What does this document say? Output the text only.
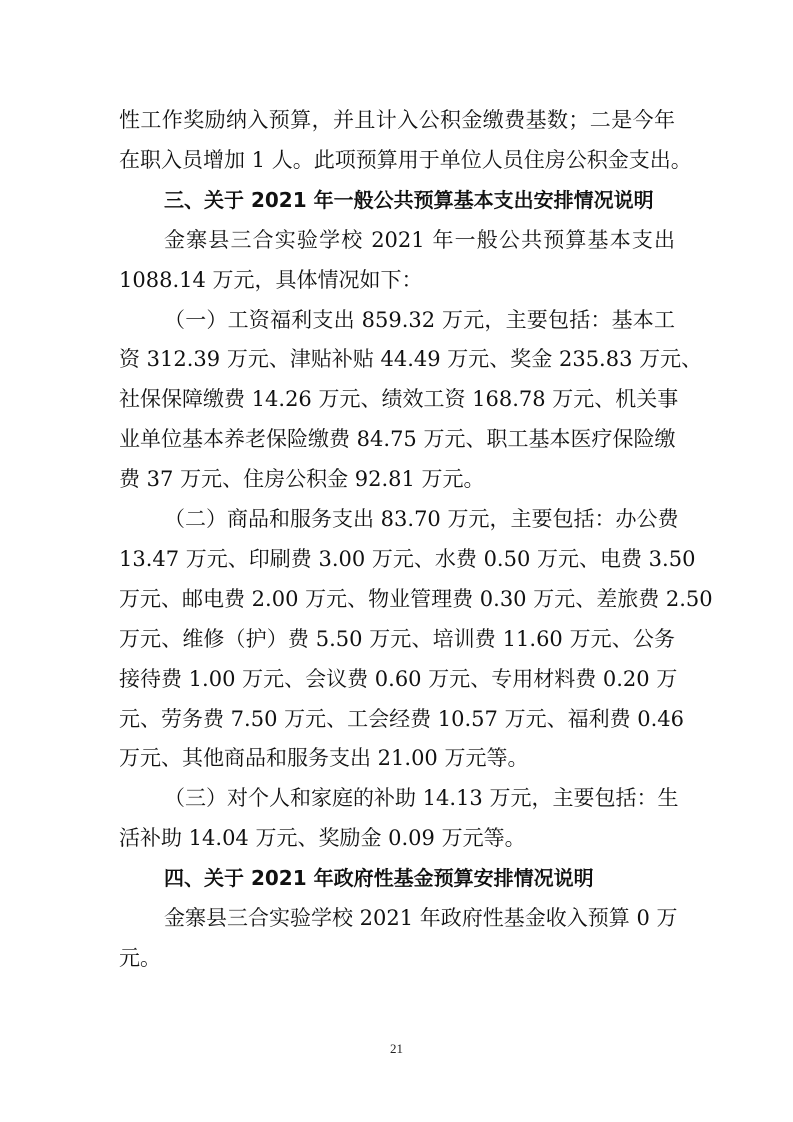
性工作奖励纳入预算，并且计入公积金缴费基数；二是今年
在职入员增加 1 人。此项预算用于单位人员住房公积金支出。
三、关于 2021 年一般公共预算基本支出安排情况说明
金寨县三合实验学校 2021 年一般公共预算基本支出
1088.14 万元，具体情况如下：
（一）工资福利支出 859.32 万元，主要包括：基本工
资 312.39 万元、津贴补贴 44.49 万元、奖金 235.83 万元、
社保保障缴费 14.26 万元、绩效工资 168.78 万元、机关事
业单位基本养老保险缴费 84.75 万元、职工基本医疗保险缴
费 37 万元、住房公积金 92.81 万元。
（二）商品和服务支出 83.70 万元，主要包括：办公费
13.47 万元、印刷费 3.00 万元、水费 0.50 万元、电费 3.50
万元、邮电费 2.00 万元、物业管理费 0.30 万元、差旅费 2.50
万元、维修（护）费 5.50 万元、培训费 11.60 万元、公务
接待费 1.00 万元、会议费 0.60 万元、专用材料费 0.20 万
元、劳务费 7.50 万元、工会经费 10.57 万元、福利费 0.46
万元、其他商品和服务支出 21.00 万元等。
（三）对个人和家庭的补助 14.13 万元，主要包括：生
活补助 14.04 万元、奖励金 0.09 万元等。
四、关于 2021 年政府性基金预算安排情况说明
金寨县三合实验学校 2021 年政府性基金收入预算 0 万
元。
21
